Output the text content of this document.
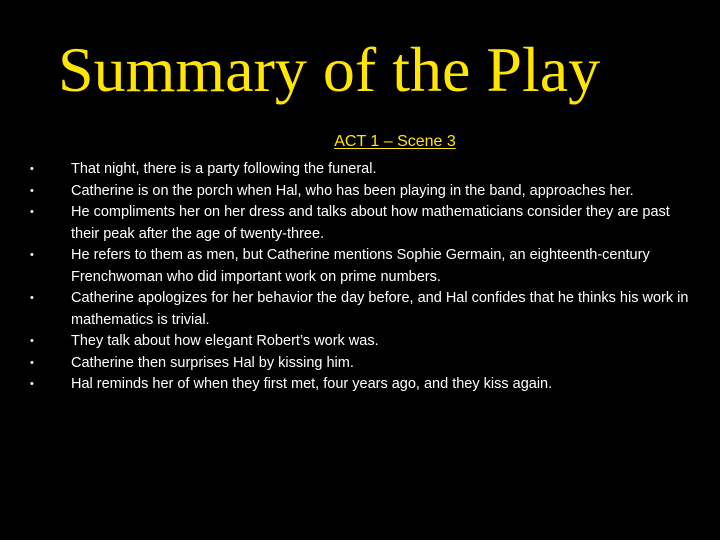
Summary of the Play
ACT 1 – Scene 3
•	That night, there is a party following the funeral.
•	Catherine is on the porch when Hal, who has been playing in the band, approaches her.
•	He compliments her on her dress and talks about how mathematicians consider they are past their peak after the age of twenty-three.
•	He refers to them as men, but Catherine mentions Sophie Germain, an eighteenth-century Frenchwoman who did important work on prime numbers.
•	Catherine apologizes for her behavior the day before, and Hal confides that he thinks his work in mathematics is trivial.
•	They talk about how elegant Robert’s work was.
•	Catherine then surprises Hal by kissing him.
•	Hal reminds her of when they first met, four years ago, and they kiss again.
